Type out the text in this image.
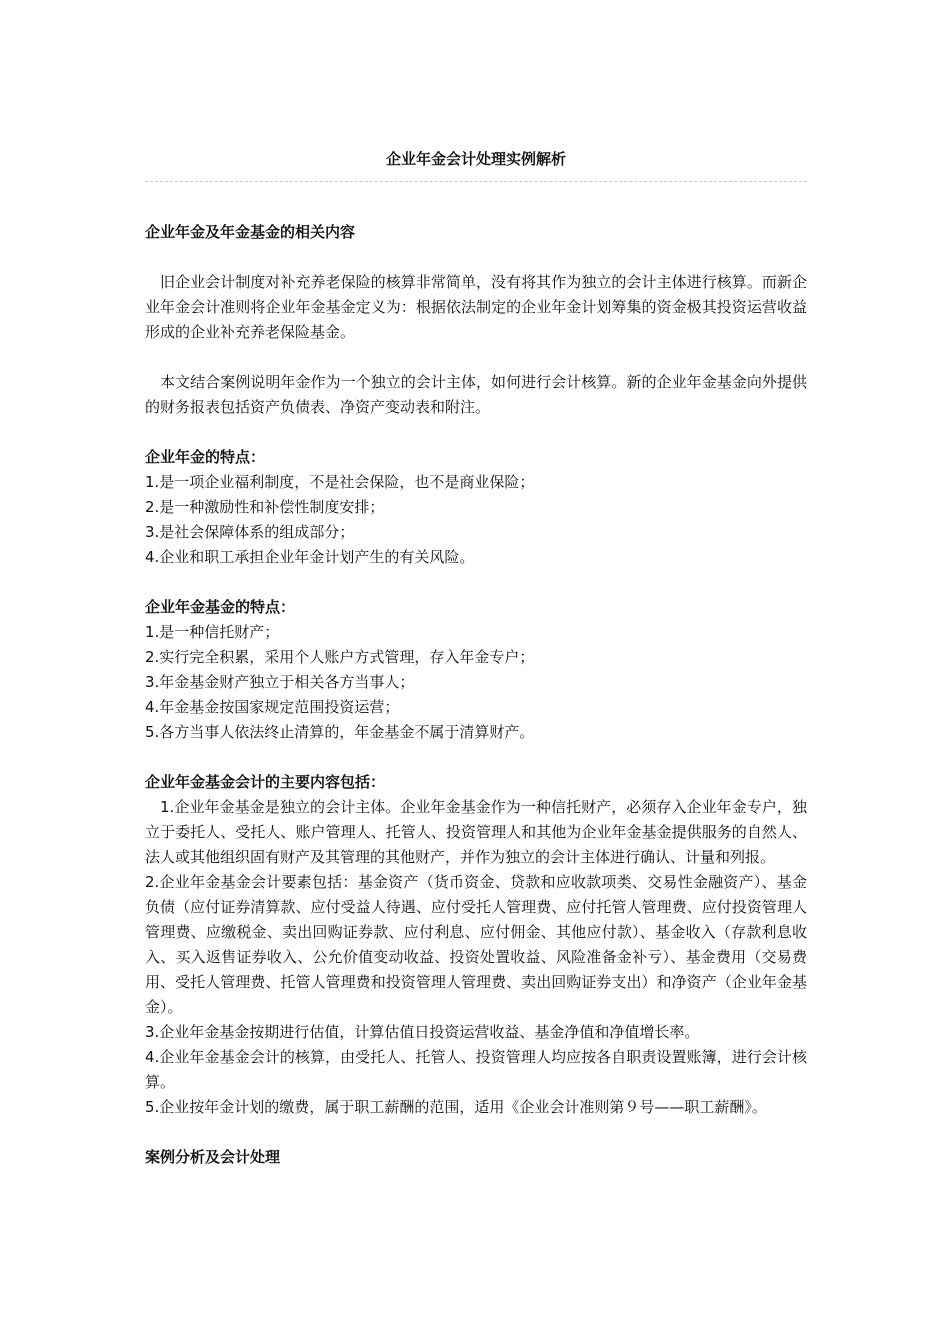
企业年金会计处理实例解析

企业年金及年金基金的相关内容

旧企业会计制度对补充养老保险的核算非常简单，没有将其作为独立的会计主体进行核算。而新企业年金会计准则将企业年金基金定义为：根据依法制定的企业年金计划筹集的资金极其投资运营收益形成的企业补充养老保险基金。

本文结合案例说明年金作为一个独立的会计主体，如何进行会计核算。新的企业年金基金向外提供的财务报表包括资产负债表、净资产变动表和附注。

企业年金的特点：

1.是一项企业福利制度，不是社会保险，也不是商业保险；
2.是一种激励性和补偿性制度安排；
3.是社会保障体系的组成部分；
4.企业和职工承担企业年金计划产生的有关风险。

企业年金基金的特点：

1.是一种信托财产；
2.实行完全积累，采用个人账户方式管理，存入年金专户；
3.年金基金财产独立于相关各方当事人；
4.年金基金按国家规定范围投资运营；
5.各方当事人依法终止清算的，年金基金不属于清算财产。

企业年金基金会计的主要内容包括：

1.企业年金基金是独立的会计主体。企业年金基金作为一种信托财产，必须存入企业年金专户，独立于委托人、受托人、账户管理人、托管人、投资管理人和其他为企业年金基金提供服务的自然人、法人或其他组织固有财产及其管理的其他财产，并作为独立的会计主体进行确认、计量和列报。
2.企业年金基金会计要素包括：基金资产（货币资金、贷款和应收款项类、交易性金融资产）、基金负债（应付证券清算款、应付受益人待遇、应付受托人管理费、应付托管人管理费、应付投资管理人管理费、应缴税金、卖出回购证券款、应付利息、应付佣金、其他应付款）、基金收入（存款利息收入、买入返售证券收入、公允价值变动收益、投资处置收益、风险准备金补亏）、基金费用（交易费用、受托人管理费、托管人管理费和投资管理人管理费、卖出回购证券支出）和净资产（企业年金基金）。
3.企业年金基金按期进行估值，计算估值日投资运营收益、基金净值和净值增长率。
4.企业年金基金会计的核算，由受托人、托管人、投资管理人均应按各自职责设置账簿，进行会计核算。
5.企业按年金计划的缴费，属于职工薪酬的范围，适用《企业会计准则第９号——职工薪酬》。

案例分析及会计处理
